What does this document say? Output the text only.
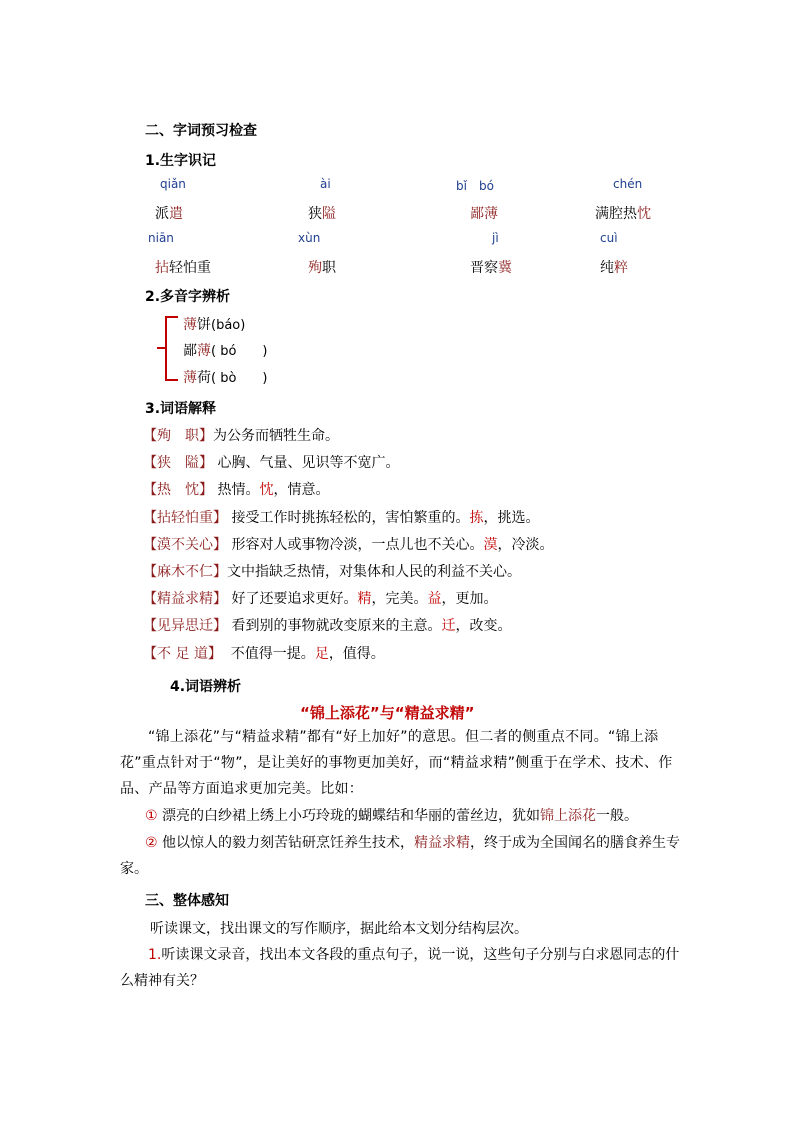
二、字词预习检查
1.生字识记
qiǎn	ài	bǐ　bó	chén
派遣	狭隘	鄙薄	满腔热忱
niān	xùn	jì	cuì
拈轻怕重	殉职	晋察冀	纯粹
2.多音字辨析
薄饼(báo)
鄙薄( bó　　)
薄荷( bò　　)
3.词语解释
【殉　职】为公务而牺牲生命。
【狭　隘】 心胸、气量、见识等不宽广。
【热　忱】 热情。忱，情意。
【拈轻怕重】 接受工作时挑拣轻松的，害怕繁重的。拣，挑选。
【漠不关心】 形容对人或事物冷淡，一点儿也不关心。漠，冷淡。
【麻木不仁】文中指缺乏热情，对集体和人民的利益不关心。
【精益求精】 好了还要追求更好。精，完美。益，更加。
【见异思迁】 看到别的事物就改变原来的主意。迁，改变。
【不 足 道】  不值得一提。足，值得。
4.词语辨析
“锦上添花”与“精益求精”
“锦上添花”与“精益求精”都有“好上加好”的意思。但二者的侧重点不同。“锦上添花”重点针对于“物”，是让美好的事物更加美好，而“精益求精”侧重于在学术、技术、作品、产品等方面追求更加完美。比如：
① 漂亮的白纱裙上绣上小巧玲珑的蝴蝶结和华丽的蕾丝边，犹如锦上添花一般。
② 他以惊人的毅力刻苦钻研烹饪养生技术，精益求精，终于成为全国闻名的膳食养生专家。
三、整体感知
听读课文，找出课文的写作顺序，据此给本文划分结构层次。
1.听读课文录音，找出本文各段的重点句子，说一说，这些句子分别与白求恩同志的什么精神有关？
